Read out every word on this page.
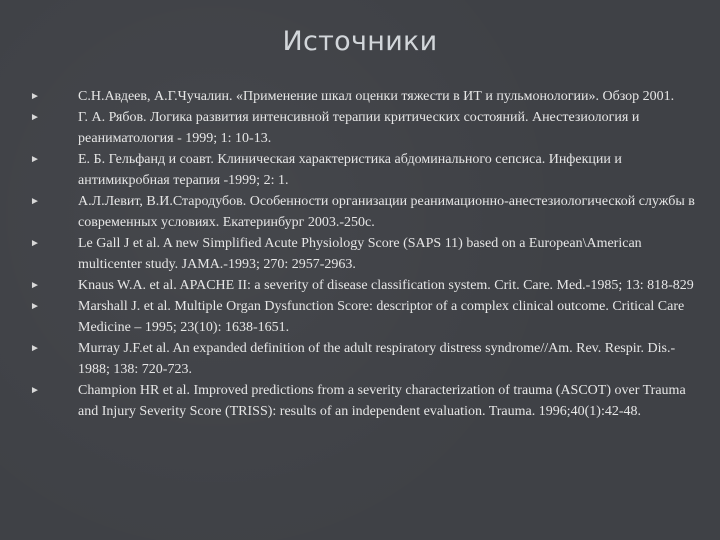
Источники
►	С.Н.Авдеев, А.Г.Чучалин. «Применение шкал оценки тяжести в ИТ и пульмонологии». Обзор 2001.
►	Г. А. Рябов. Логика развития интенсивной терапии критических состояний. Анестезиология и реаниматология - 1999; 1: 10-13.
►	Е. Б. Гельфанд и соавт. Клиническая характеристика абдоминального сепсиса. Инфекции и антимикробная терапия -1999; 2: 1.
►	А.Л.Левит, В.И.Стародубов. Особенности организации реанимационно-анестезиологической службы в современных условиях. Екатеринбург 2003.-250с.
►	Le Gall J et al. A new Simplified Acute Physiology Score (SAPS 11) based on a European\American multicenter study. JAMA.-1993; 270: 2957-2963.
►	Knaus W.A. et al. APACHE II: a severity of disease classification system. Crit. Care. Med.-1985; 13: 818-829
►	Marshall J. et al. Multiple Organ Dysfunction Score: descriptor of a complex clinical outcome. Critical Care Medicine – 1995; 23(10): 1638-1651.
►	Murray J.F.et al. An expanded definition of the adult respiratory distress syndrome//Am. Rev. Respir. Dis.- 1988; 138: 720-723.
►	Champion HR et al. Improved predictions from a severity characterization of trauma (ASCOT) over Trauma and Injury Severity Score (TRISS): results of an independent evaluation. Trauma. 1996;40(1):42-48.
